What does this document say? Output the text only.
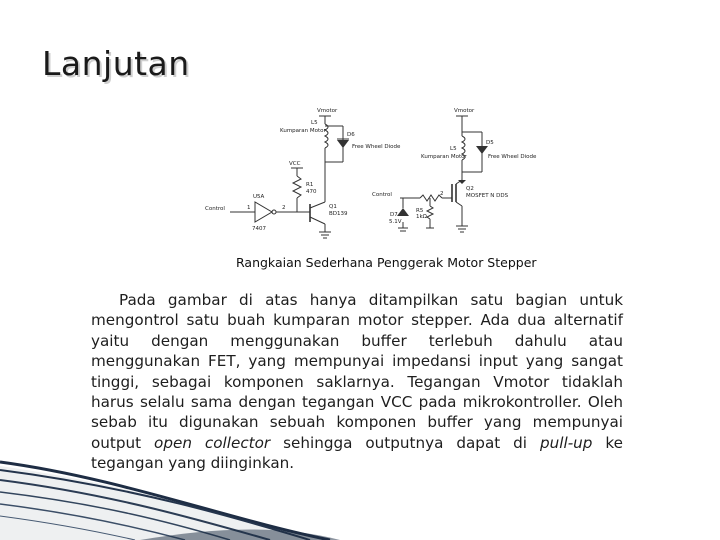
Lanjutan
Vmotor
L5
Kumparan Motor
D6
Free Wheel Diode
VCC
R1
470
U5A
7407
1	2	Q1
BD139
Control
Vmotor
L5
Kumparan Motor
D5
Free Wheel Diode
Q2
MOSFET N DDS
Control
D7
5.1V
R5
1kΩ
2
Rangkaian Sederhana Penggerak Motor Stepper

Pada gambar di atas hanya ditampilkan satu bagian untuk mengontrol satu buah kumparan motor stepper. Ada dua alternatif yaitu dengan menggunakan buffer terlebuh dahulu atau menggunakan FET, yang mempunyai impedansi input yang sangat tinggi, sebagai komponen saklarnya. Tegangan Vmotor tidaklah harus selalu sama dengan tegangan VCC pada mikrokontroller. Oleh sebab itu digunakan sebuah komponen buffer yang mempunyai output open collector sehingga outputnya dapat di pull-up ke tegangan yang diinginkan.
